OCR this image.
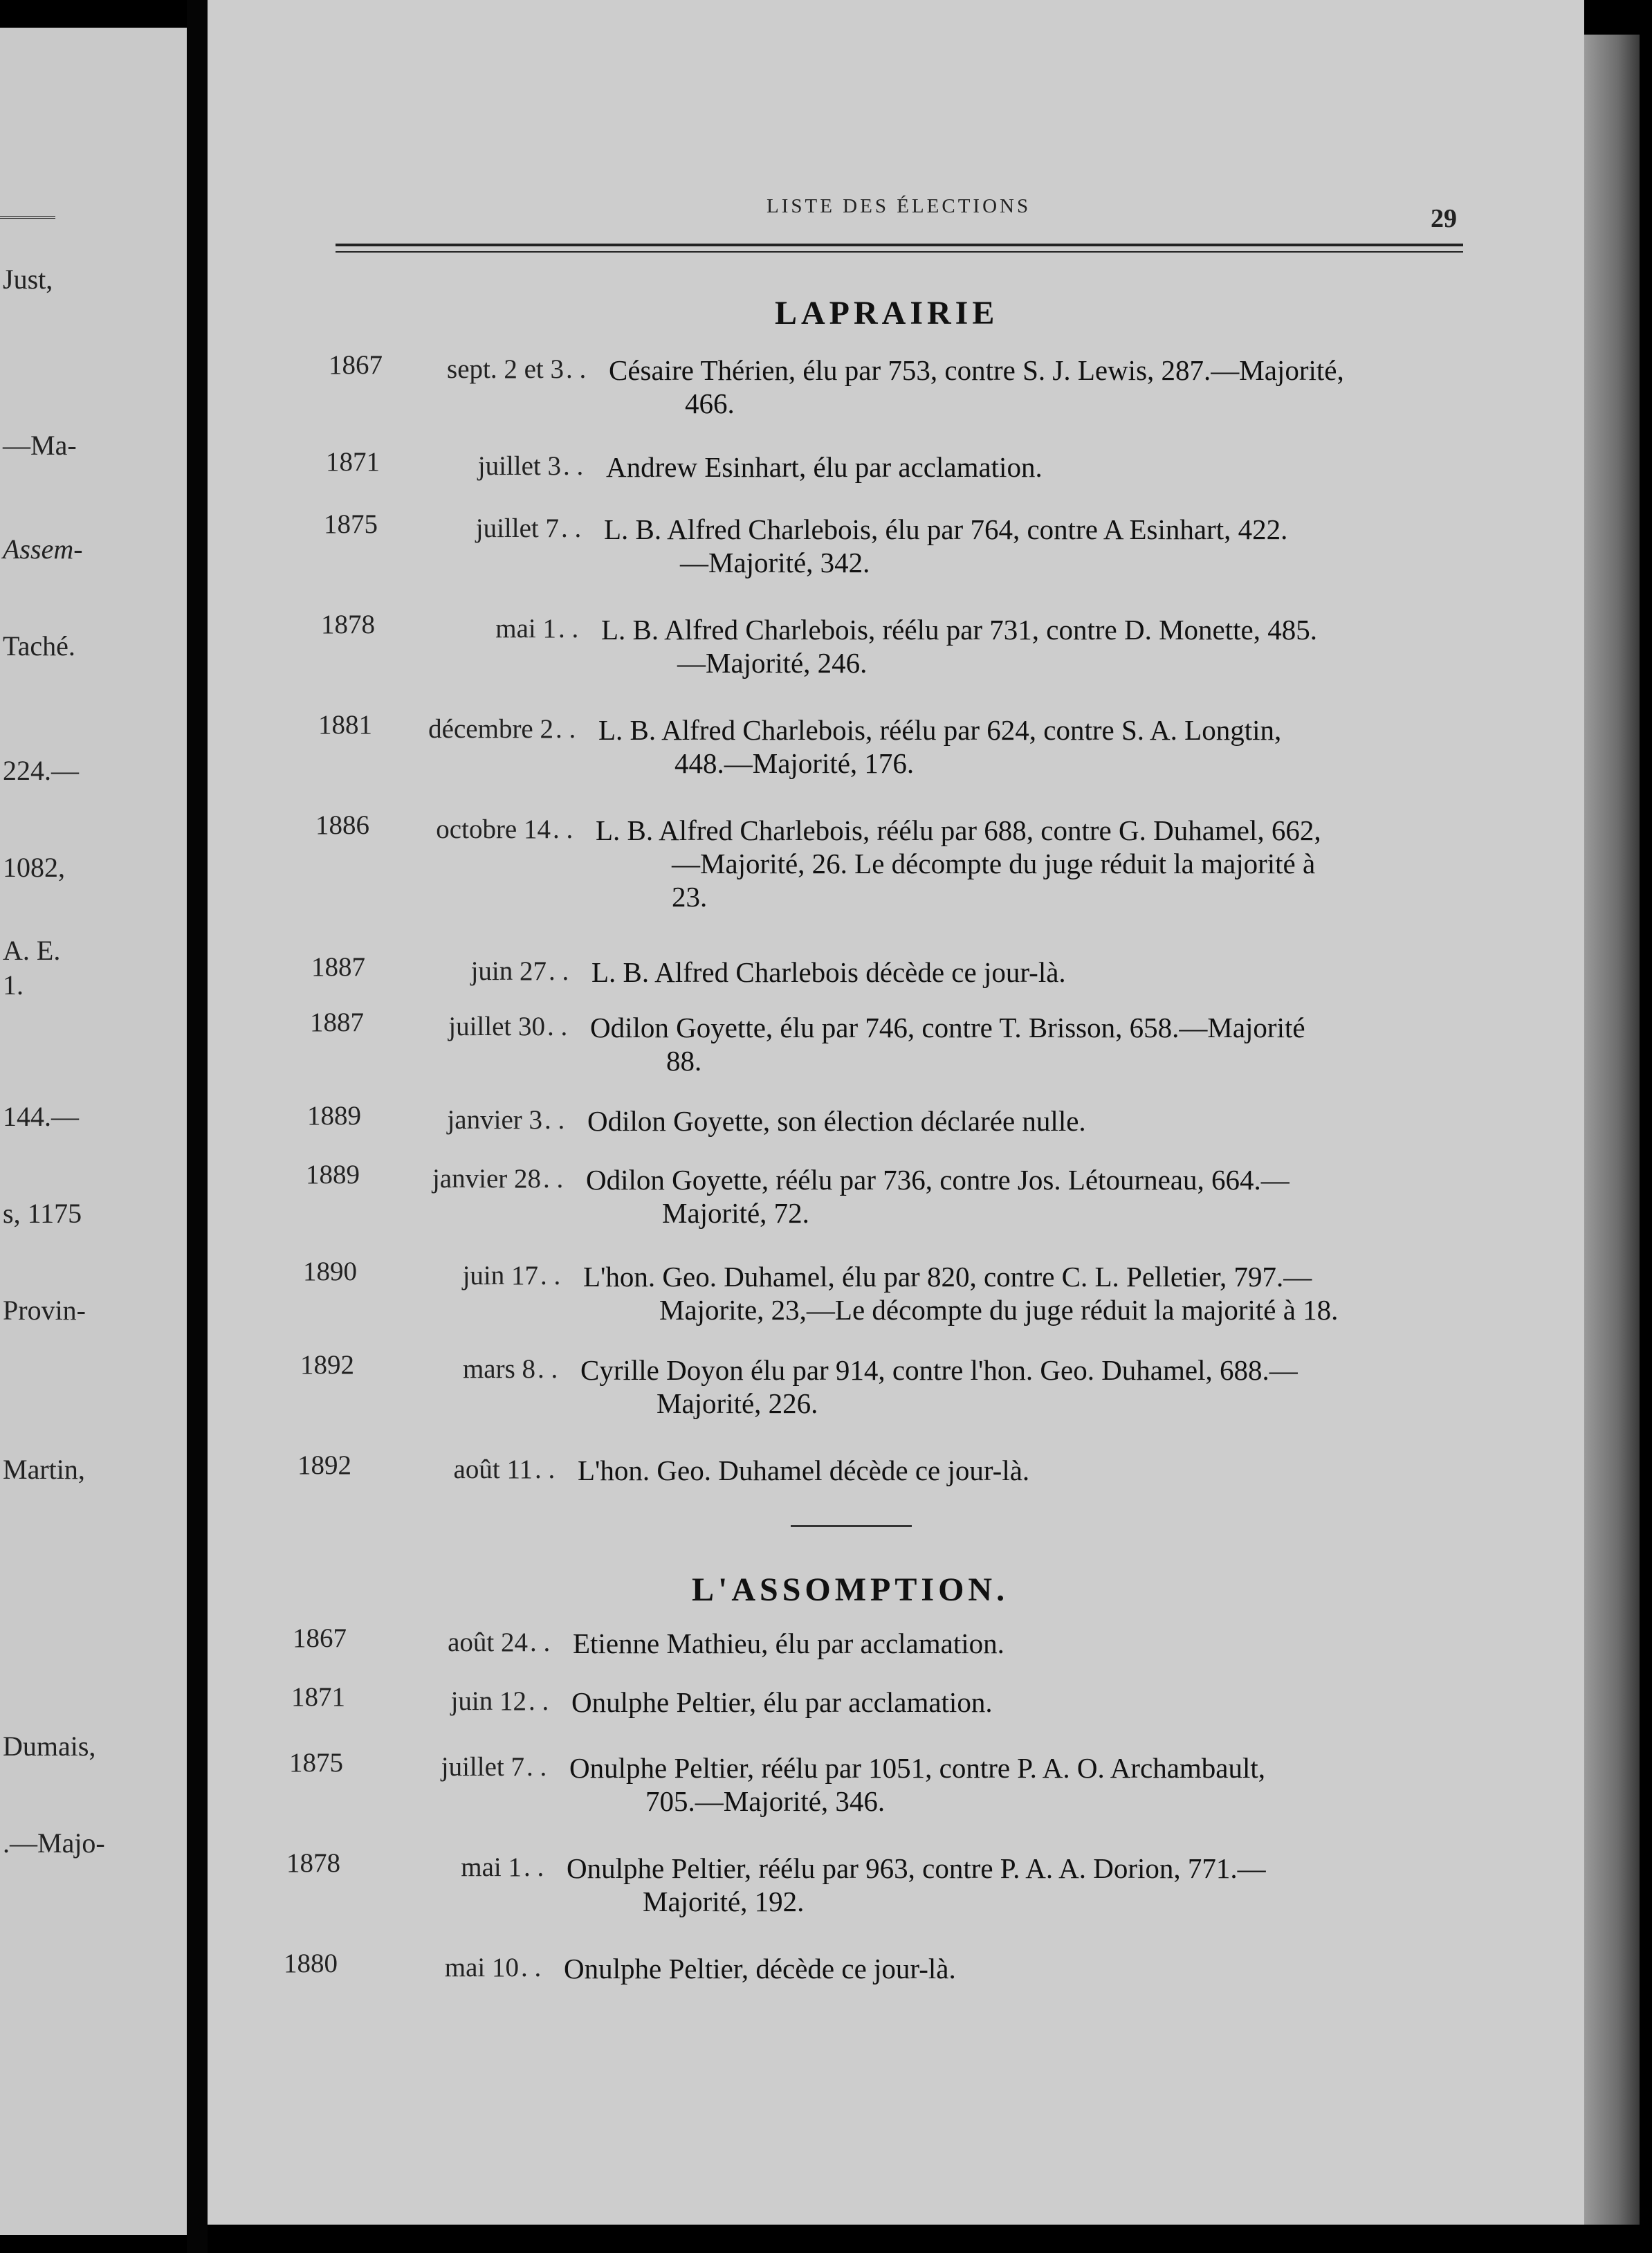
Just,
—Ma-
Assem-
Taché.
224.—
1082,
A. E.
1.
144.—
s, 1175
Provin-
Martin,
Dumais,
.—Majo-
LISTE DES ÉLECTIONS	29
LAPRAIRIE
1867	sept. 2 et 3 . . Césaire Thérien, élu par 753, contre S. J. Lewis, 287.—Majorité,
466.
1871	juillet 3 . . Andrew Esinhart, élu par acclamation.
1875	juillet 7 . . L. B. Alfred Charlebois, élu par 764, contre A Esinhart, 422.
—Majorité, 342.
1878	mai 1 . . L. B. Alfred Charlebois, réélu par 731, contre D. Monette, 485.
—Majorité, 246.
1881	décembre 2 . . L. B. Alfred Charlebois, réélu par 624, contre S. A. Longtin,
448.—Majorité, 176.
1886	octobre 14 . . L. B. Alfred Charlebois, réélu par 688, contre G. Duhamel, 662,
—Majorité, 26. Le décompte du juge réduit la majorité à
23.
1887	juin 27 . . L. B. Alfred Charlebois décède ce jour-là.
1887	juillet 30 . . Odilon Goyette, élu par 746, contre T. Brisson, 658.—Majorité
88.
1889	janvier 3 . . Odilon Goyette, son élection déclarée nulle.
1889	janvier 28 . . Odilon Goyette, réélu par 736, contre Jos. Létourneau, 664.—
Majorité, 72.
1890	juin 17 . . L'hon. Geo. Duhamel, élu par 820, contre C. L. Pelletier, 797.—
Majorite, 23,—Le décompte du juge réduit la majorité à 18.
1892	mars 8 . . Cyrille Doyon élu par 914, contre l'hon. Geo. Duhamel, 688.—
Majorité, 226.
1892	août 11 . . L'hon. Geo. Duhamel décède ce jour-là.
L'ASSOMPTION.
1867	août 24 . . Etienne Mathieu, élu par acclamation.
1871	juin 12 . . Onulphe Peltier, élu par acclamation.
1875	juillet 7 . . Onulphe Peltier, réélu par 1051, contre P. A. O. Archambault,
705.—Majorité, 346.
1878	mai 1 . . Onulphe Peltier, réélu par 963, contre P. A. A. Dorion, 771.—
Majorité, 192.
1880	mai 10 . . Onulphe Peltier, décède ce jour-là.
